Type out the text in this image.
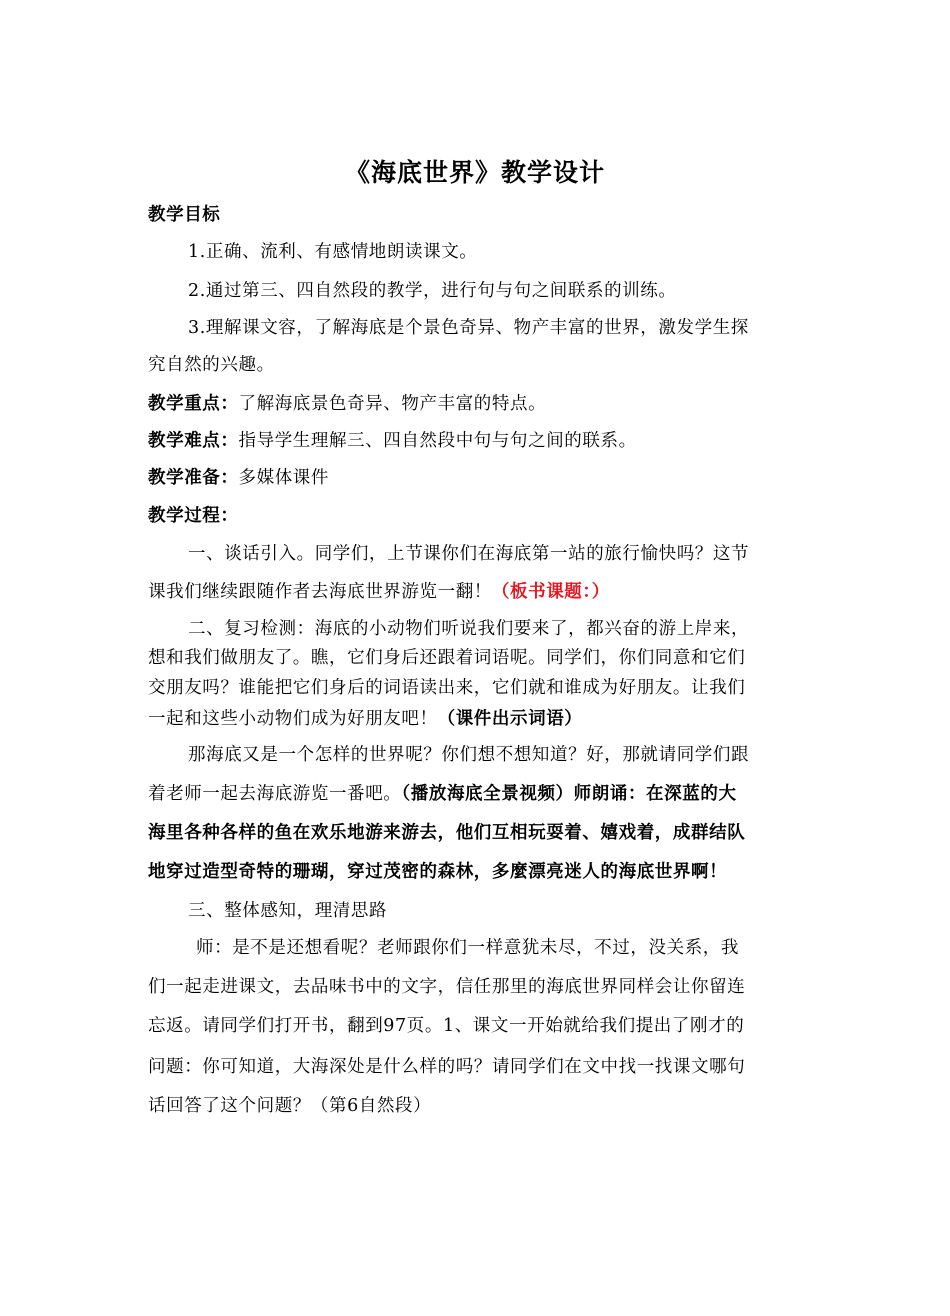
《海底世界》教学设计
教学目标
1.正确、流利、有感情地朗读课文。
2.通过第三、四自然段的教学，进行句与句之间联系的训练。
3.理解课文容，了解海底是个景色奇异、物产丰富的世界，激发学生探
究自然的兴趣。
教学重点：了解海底景色奇异、物产丰富的特点。
教学难点：指导学生理解三、四自然段中句与句之间的联系。
教学准备：多媒体课件
教学过程：
一、谈话引入。同学们，上节课你们在海底第一站的旅行愉快吗？这节
课我们继续跟随作者去海底世界游览一翻！（板书课题：）
二、复习检测：海底的小动物们听说我们要来了，都兴奋的游上岸来，
想和我们做朋友了。瞧，它们身后还跟着词语呢。同学们，你们同意和它们
交朋友吗？谁能把它们身后的词语读出来，它们就和谁成为好朋友。让我们
一起和这些小动物们成为好朋友吧！（课件出示词语）
那海底又是一个怎样的世界呢？你们想不想知道？好，那就请同学们跟
着老师一起去海底游览一番吧。（播放海底全景视频）师朗诵：在深蓝的大
海里各种各样的鱼在欢乐地游来游去，他们互相玩耍着、嬉戏着，成群结队
地穿过造型奇特的珊瑚，穿过茂密的森林，多麼漂亮迷人的海底世界啊！
三、整体感知，理清思路
师：是不是还想看呢？老师跟你们一样意犹未尽，不过，没关系，我
们一起走进课文，去品味书中的文字，信任那里的海底世界同样会让你留连
忘返。请同学们打开书，翻到97页。1、课文一开始就给我们提出了刚才的
问题：你可知道，大海深处是什么样的吗？请同学们在文中找一找课文哪句
话回答了这个问题？（第6自然段）
